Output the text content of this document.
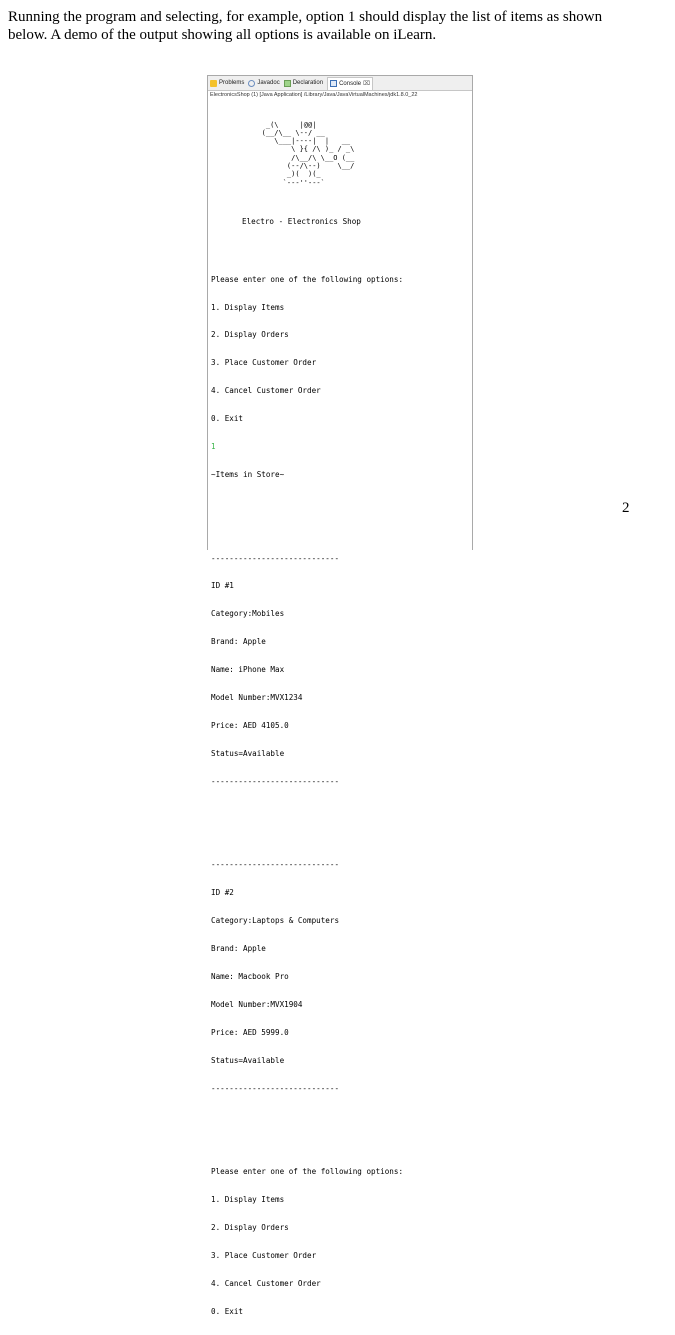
Running the program and selecting, for example, option 1 should display the list of items as shown
below. A demo of the output showing all options is available on iLearn.
Problems Javadoc Declaration	Console ⌧
ElectronicsShop (1) [Java Application] /Library/Java/JavaVirtualMachines/jdk1.8.0_22

_(\     |@@|
(__/\__ \--/ __
\___|----|  |   __
\ }{ /\ )_ / _\
/\__/\ \__O (__
(--/\--)    \__/
_)(  )(_
`---''---`

Electro - Electronics Shop

Please enter one of the following options:

1. Display Items

2. Display Orders

3. Place Customer Order

4. Cancel Customer Order

0. Exit

1

~Items in Store~

----------------------------

ID #1

Category:Mobiles

Brand: Apple

Name: iPhone Max

Model Number:MVX1234

Price: AED 4105.0

Status=Available

----------------------------

----------------------------

ID #2

Category:Laptops & Computers

Brand: Apple

Name: Macbook Pro

Model Number:MVX1904

Price: AED 5999.0

Status=Available

----------------------------

Please enter one of the following options:

1. Display Items

2. Display Orders

3. Place Customer Order

4. Cancel Customer Order

0. Exit

2
